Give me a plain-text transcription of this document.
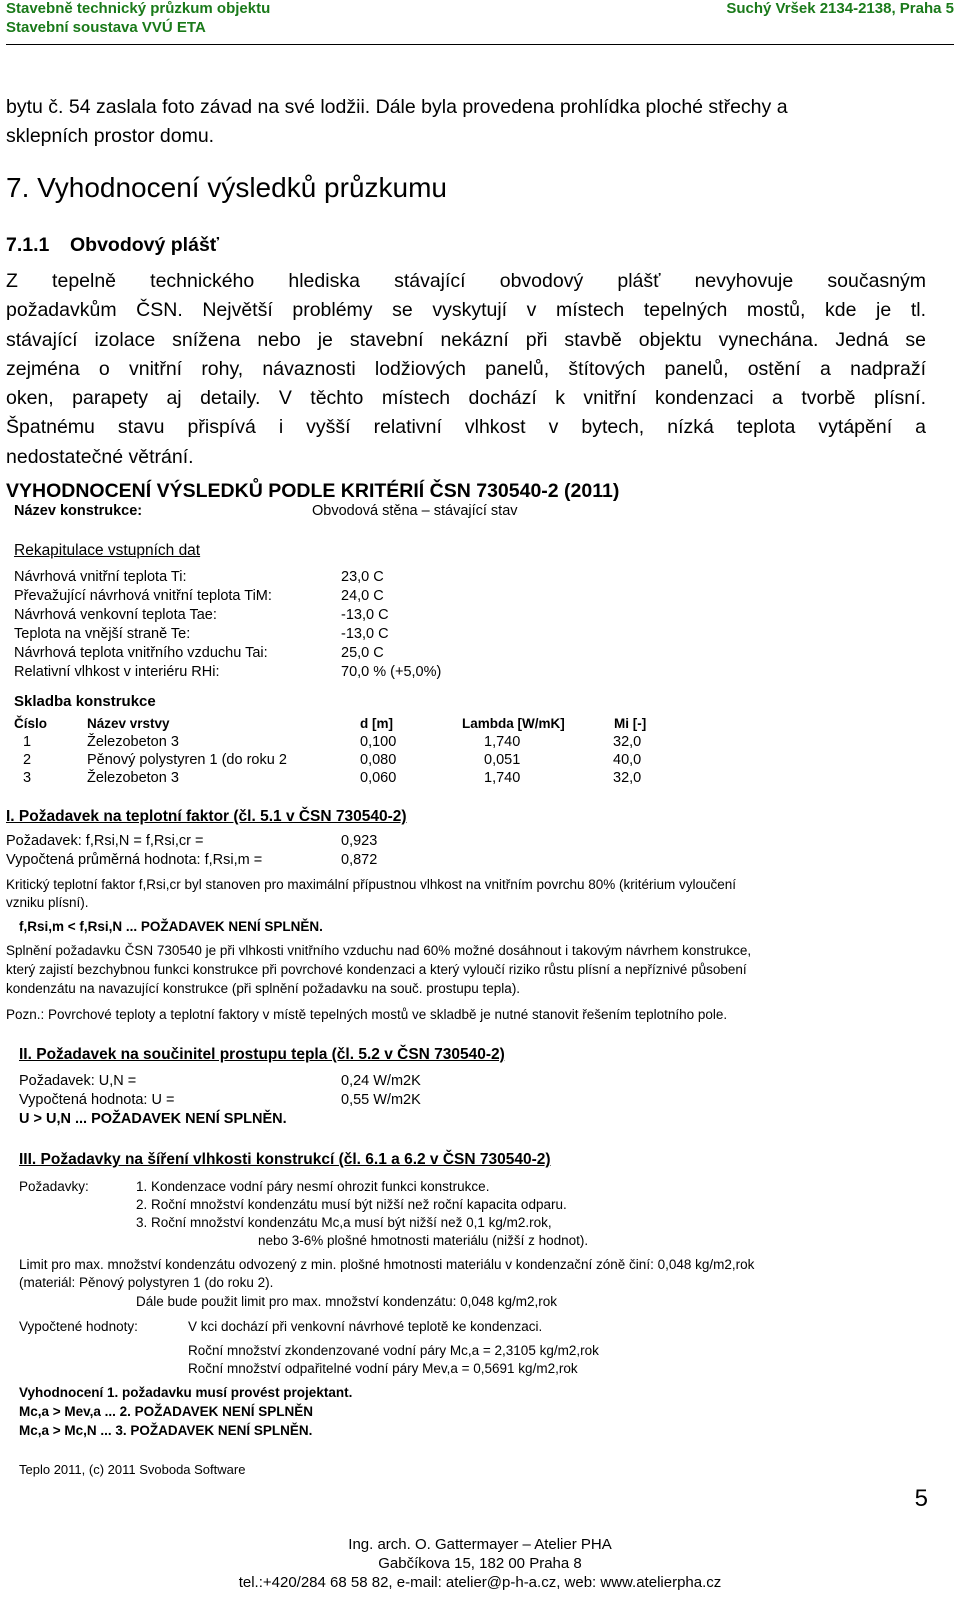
Stavebně technický průzkum objektu
Stavební soustava VVÚ ETA
Suchý Vršek 2134-2138, Praha 5
bytu č. 54 zaslala foto závad na své lodžii. Dále byla provedena prohlídka ploché střechy a
sklepních prostor domu.
7. Vyhodnocení výsledků průzkumu
7.1.1 Obvodový plášť
Z tepelně technického hlediska stávající obvodový plášť nevyhovuje současným
požadavkům ČSN. Největší problémy se vyskytují v místech tepelných mostů, kde je tl.
stávající izolace snížena nebo je stavební nekázní při stavbě objektu vynechána. Jedná se
zejména o vnitřní rohy, návaznosti lodžiových panelů, štítových panelů, ostění a nadpraží
oken, parapety aj detaily. V těchto místech dochází k vnitřní kondenzaci a tvorbě plísní.
Špatnému stavu přispívá i vyšší relativní vlhkost v bytech, nízká teplota vytápění a
nedostatečné větrání.
VYHODNOCENÍ VÝSLEDKŮ PODLE KRITÉRIÍ ČSN 730540-2 (2011)
Název konstrukce:	Obvodová stěna – stávající stav
Rekapitulace vstupních dat
Návrhová vnitřní teplota Ti:	23,0 C
Převažující návrhová vnitřní teplota TiM:	24,0 C
Návrhová venkovní teplota Tae:	-13,0 C
Teplota na vnější straně Te:	-13,0 C
Návrhová teplota vnitřního vzduchu Tai:	25,0 C
Relativní vlhkost v interiéru RHi:	70,0 % (+5,0%)
Skladba konstrukce
Číslo	Název vrstvy	d [m]	Lambda [W/mK]	Mi [-]
1	Železobeton 3	0,100	1,740	32,0
2	Pěnový polystyren 1 (do roku 2	0,080	0,051	40,0
3	Železobeton 3	0,060	1,740	32,0
I. Požadavek na teplotní faktor (čl. 5.1 v ČSN 730540-2)
Požadavek: f,Rsi,N = f,Rsi,cr =	0,923
Vypočtená průměrná hodnota: f,Rsi,m =	0,872
Kritický teplotní faktor f,Rsi,cr byl stanoven pro maximální přípustnou vlhkost na vnitřním povrchu 80% (kritérium vyloučení
vzniku plísní).
f,Rsi,m < f,Rsi,N ... POŽADAVEK NENÍ SPLNĚN.
Splnění požadavku ČSN 730540 je při vlhkosti vnitřního vzduchu nad 60% možné dosáhnout i takovým návrhem konstrukce,
který zajistí bezchybnou funkci konstrukce při povrchové kondenzaci a který vyloučí riziko růstu plísní a nepříznivé působení
kondenzátu na navazující konstrukce (při splnění požadavku na souč. prostupu tepla).
Pozn.: Povrchové teploty a teplotní faktory v místě tepelných mostů ve skladbě je nutné stanovit řešením teplotního pole.
II. Požadavek na součinitel prostupu tepla (čl. 5.2 v ČSN 730540-2)
Požadavek: U,N =	0,24 W/m2K
Vypočtená hodnota: U =	0,55 W/m2K
U > U,N ... POŽADAVEK NENÍ SPLNĚN.
III. Požadavky na šíření vlhkosti konstrukcí (čl. 6.1 a 6.2 v ČSN 730540-2)
Požadavky:	1. Kondenzace vodní páry nesmí ohrozit funkci konstrukce.
2. Roční množství kondenzátu musí být nižší než roční kapacita odparu.
3. Roční množství kondenzátu Mc,a musí být nižší než 0,1 kg/m2.rok,
nebo 3-6% plošné hmotnosti materiálu (nižší z hodnot).
Limit pro max. množství kondenzátu odvozený z min. plošné hmotnosti materiálu v kondenzační zóně činí: 0,048 kg/m2,rok
(materiál: Pěnový polystyren 1 (do roku 2).
Dále bude použit limit pro max. množství kondenzátu: 0,048 kg/m2,rok
Vypočtené hodnoty:	V kci dochází při venkovní návrhové teplotě ke kondenzaci.
Roční množství zkondenzované vodní páry Mc,a = 2,3105 kg/m2,rok
Roční množství odpařitelné vodní páry Mev,a = 0,5691 kg/m2,rok
Vyhodnocení 1. požadavku musí provést projektant.
Mc,a > Mev,a ... 2. POŽADAVEK NENÍ SPLNĚN
Mc,a > Mc,N ... 3. POŽADAVEK NENÍ SPLNĚN.
Teplo 2011, (c) 2011 Svoboda Software
5
Ing. arch. O. Gattermayer – Atelier PHA
Gabčíkova 15, 182 00 Praha 8
tel.:+420/284 68 58 82, e-mail: atelier@p-h-a.cz, web: www.atelierpha.cz
